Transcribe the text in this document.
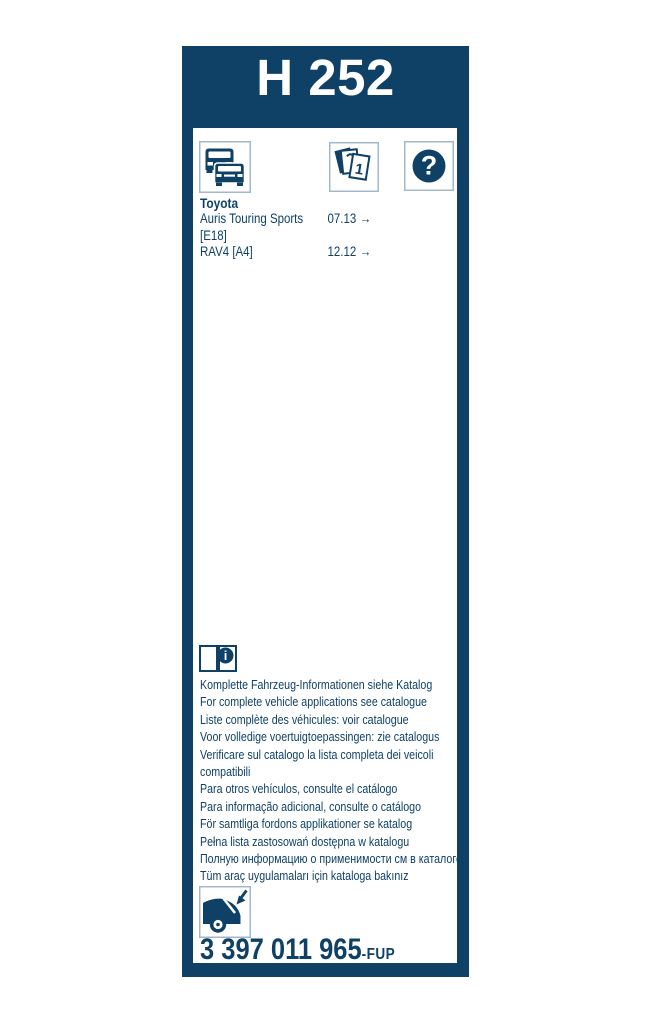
H 252
1 ?
Toyota
Auris Touring Sports 07.13 →
[E18]
RAV4 [A4]	12.12 →
i
Komplette Fahrzeug-Informationen siehe Katalog
For complete vehicle applications see catalogue
Liste complète des véhicules: voir catalogue
Voor volledige voertuigtoepassingen: zie catalogus
Verificare sul catalogo la lista completa dei veicoli compatibili
Para otros vehículos, consulte el catálogo
Para informação adicional, consulte o catálogo
För samtliga fordons applikationer se katalog
Pełna lista zastosowań dostępna w katalogu
Полную информацию о применимости см в каталоге
Tüm araç uygulamaları için kataloga bakınız
3 397 011 965-FUP
